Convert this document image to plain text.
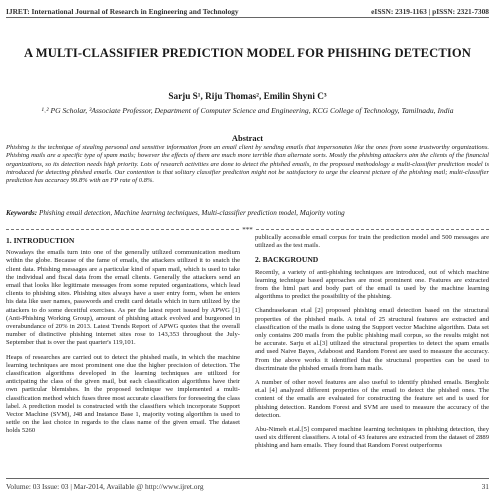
IJRET: International Journal of Research in Engineering and Technology	eISSN: 2319-1163 | pISSN: 2321-7308
A MULTI-CLASSIFIER PREDICTION MODEL FOR PHISHING DETECTION
Sarju S¹, Riju Thomas², Emilin Shyni C³
¹˒² PG Scholar, ³Associate Professor, Department of Computer Science and Engineering, KCG College of Technology, Tamilnadu, India
Abstract
Phishing is the technique of stealing personal and sensitive information from an email client by sending emails that impersonates like the ones from some trustworthy organizations. Phishing mails are a specific type of spam mails; however the effects of them are much more terrible than alternate sorts. Mostly the phishing attackers aim the clients of the financial organizations, so its detection needs high priority. Lots of research activities are done to detect the phished emails, in the proposed methodology a multi-classifier prediction model is introduced for detecting phished emails. Our contention is that solitary classifier prediction might not be satisfactory to urge the clearest picture of the phishing mail; multi-classifier prediction has accuracy 99.8% with an FP rate of 0.8%.
Keywords: Phishing email detection, Machine learning techniques, Multi-classifier prediction model, Majority voting
***
1. INTRODUCTION

Nowadays the emails turn into one of the generally utilized communication medium within the globe. Because of the fame of emails, the attackers utilized it to snatch the client data. Phishing messages are a particular kind of spam mail, which is used to take the individual and fiscal data from the email clients. Generally the attackers send an email that looks like legitimate messages from some reputed organizations, which lead clients to phishing sites. Phishing sites always have a user entry form, when he enters his data like user names, passwords and credit card details which in turn utilized by the attackers to do some deceitful exercises. As per the latest report issued by APWG [1] (Anti-Phishing Working Group), amount of phishing attack evolved and burgeoned in overabundance of 20% in 2013. Latest Trends Report of APWG quotes that the overall number of distinctive phishing internet sites rose to 143,353 throughout the July-September that is over the past quarter's 119,101.

Heaps of researches are carried out to detect the phished mails, in which the machine learning techniques are most prominent one due the higher precision of detection. The classification algorithms developed in the learning techniques are utilized for anticipating the class of the given mail, but each classification algorithms have their own particular blemishes. In the proposed technique we implemented a multi-classification method which fuses three most accurate classifiers for foreseeing the class label. A prediction model is constructed with the classifiers which incorporate Support Vector Machine (SVM), J48 and Instance Base 1, majority voting algorithm is used to settle on the last choice in regards to the class name of the given email. The dataset holds 5260

publically accessible email corpus for train the prediction model and 500 messages are utilized as the test mails.

2. BACKGROUND

Recently, a variety of anti-phishing techniques are introduced, out of which machine learning technique based approaches are most prominent one. Features are extracted from the html part and body part of the email is used by the machine learning algorithms to predict the possibility of the phishing.

Chandrasekaran et.al [2] proposed phishing email detection based on the structural properties of the phished mails. A total of 25 structural features are extracted and classification of the mails is done using the Support vector Machine algorithm. Data set only contains 200 mails from the public phishing mail corpus, so the results might not be accurate. Sarju et al.[3] utilized the structural properties to detect the spam emails and used Naive Bayes, Adaboost and Random Forest are used to measure the accuracy. From the above works it identified that the structural properties can be used to discriminate the phished emails from ham mails.

A number of other novel features are also useful to identify phished emails. Bergholz et.al [4] analyzed different properties of the email to detect the phished ones. The content of the emails are evaluated for constructing the feature set and is used for phishing detection. Random Forest and SVM are used to measure the accuracy of the detection.

Abu-Nimeh et.al.[5] compared machine learning techniques in phishing detection, they used six different classifiers. A total of 43 features are extracted from the dataset of 2889 phishing and ham emails. They found that Random Forest outperforms

Volume: 03 Issue: 03 | Mar-2014, Available @ http://www.ijret.org	31
